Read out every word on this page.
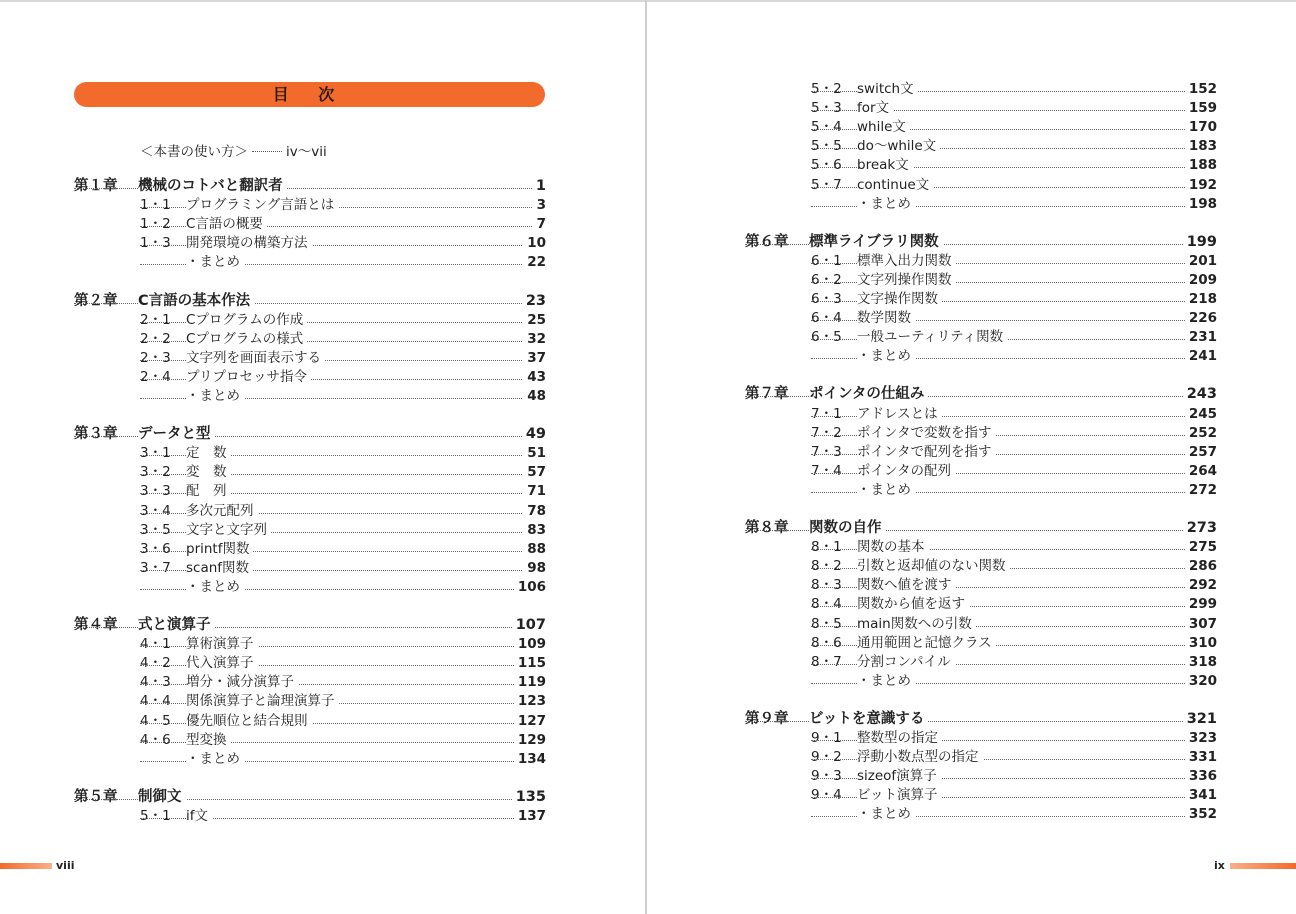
目 次
＜本書の使い方＞	iv～vii
第１章 機械のコトバと翻訳者	1
1・1 プログラミング言語とは	3
1・2 C言語の概要	7
1・3 開発環境の構築方法	10
・まとめ	22
第２章 C言語の基本作法	23
2・1 Cプログラムの作成	25
2・2 Cプログラムの様式	32
2・3 文字列を画面表示する	37
2・4 プリプロセッサ指令	43
・まとめ	48
第３章 データと型	49
3・1 定　数	51
3・2 変　数	57
3・3 配　列	71
3・4 多次元配列	78
3・5 文字と文字列	83
3・6 printf関数	88
3・7 scanf関数	98
・まとめ	106
第４章 式と演算子	107
4・1 算術演算子	109
4・2 代入演算子	115
4・3 増分・減分演算子	119
4・4 関係演算子と論理演算子	123
4・5 優先順位と結合規則	127
4・6 型変換	129
・まとめ	134
第５章 制御文	135
5・1 if文	137
5・2 switch文	152
5・3 for文	159
5・4 while文	170
5・5 do～while文	183
5・6 break文	188
5・7 continue文	192
・まとめ	198
第６章 標準ライブラリ関数	199
6・1 標準入出力関数	201
6・2 文字列操作関数	209
6・3 文字操作関数	218
6・4 数学関数	226
6・5 一般ユーティリティ関数	231
・まとめ	241
第７章 ポインタの仕組み	243
7・1 アドレスとは	245
7・2 ポインタで変数を指す	252
7・3 ポインタで配列を指す	257
7・4 ポインタの配列	264
・まとめ	272
第８章 関数の自作	273
8・1 関数の基本	275
8・2 引数と返却値のない関数	286
8・3 関数へ値を渡す	292
8・4 関数から値を返す	299
8・5 main関数への引数	307
8・6 通用範囲と記憶クラス	310
8・7 分割コンパイル	318
・まとめ	320
第９章 ビットを意識する	321
9・1 整数型の指定	323
9・2 浮動小数点型の指定	331
9・3 sizeof演算子	336
9・4 ビット演算子	341
・まとめ	352
viii	ix
